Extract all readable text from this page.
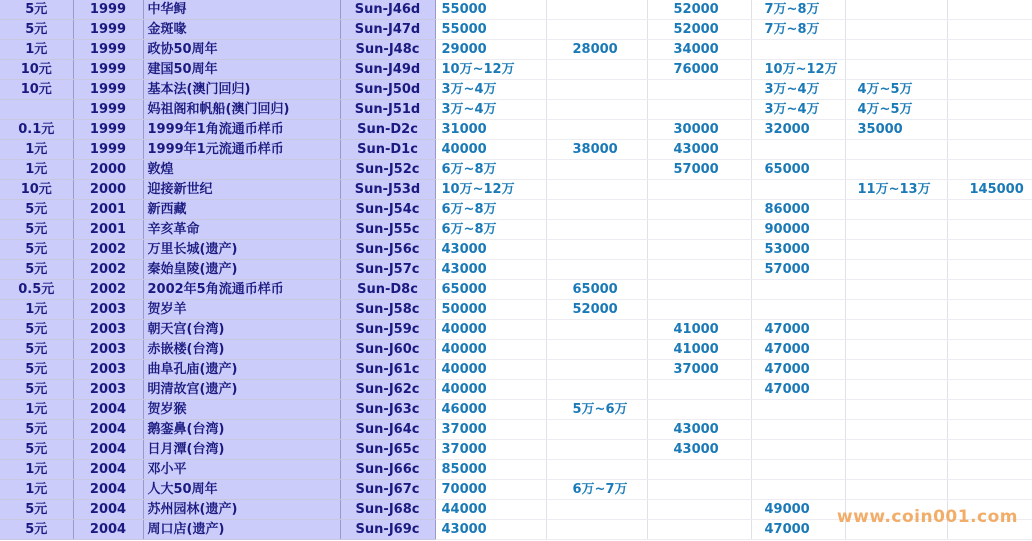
5元	1999	中华鲟	Sun-J46d	55000		52000	7万~8万		
5元	1999	金斑喙	Sun-J47d	55000		52000	7万~8万		
1元	1999	政协50周年	Sun-J48c	29000	28000	34000			
10元	1999	建国50周年	Sun-J49d	10万~12万		76000	10万~12万		
10元	1999	基本法(澳门回归)	Sun-J50d	3万~4万			3万~4万	4万~5万	
	1999	妈祖阁和帆船(澳门回归)	Sun-J51d	3万~4万			3万~4万	4万~5万	
0.1元	1999	1999年1角流通币样币	Sun-D2c	31000		30000	32000	35000	
1元	1999	1999年1元流通币样币	Sun-D1c	40000	38000	43000			
1元	2000	敦煌	Sun-J52c	6万~8万		57000	65000		
10元	2000	迎接新世纪	Sun-J53d	10万~12万				11万~13万	145000
5元	2001	新西藏	Sun-J54c	6万~8万			86000		
5元	2001	辛亥革命	Sun-J55c	6万~8万			90000		
5元	2002	万里长城(遗产)	Sun-J56c	43000			53000		
5元	2002	秦始皇陵(遗产)	Sun-J57c	43000			57000		
0.5元	2002	2002年5角流通币样币	Sun-D8c	65000	65000				
1元	2003	贺岁羊	Sun-J58c	50000	52000				
5元	2003	朝天宫(台湾)	Sun-J59c	40000		41000	47000		
5元	2003	赤嵌楼(台湾)	Sun-J60c	40000		41000	47000		
5元	2003	曲阜孔庙(遗产)	Sun-J61c	40000		37000	47000		
5元	2003	明清故宫(遗产)	Sun-J62c	40000			47000		
1元	2004	贺岁猴	Sun-J63c	46000	5万~6万				
5元	2004	鹅銮鼻(台湾)	Sun-J64c	37000		43000			
5元	2004	日月潭(台湾)	Sun-J65c	37000		43000			
1元	2004	邓小平	Sun-J66c	85000					
1元	2004	人大50周年	Sun-J67c	70000	6万~7万				
5元	2004	苏州园林(遗产)	Sun-J68c	44000			49000		
5元	2004	周口店(遗产)	Sun-J69c	43000			47000		
www.coin001.com
